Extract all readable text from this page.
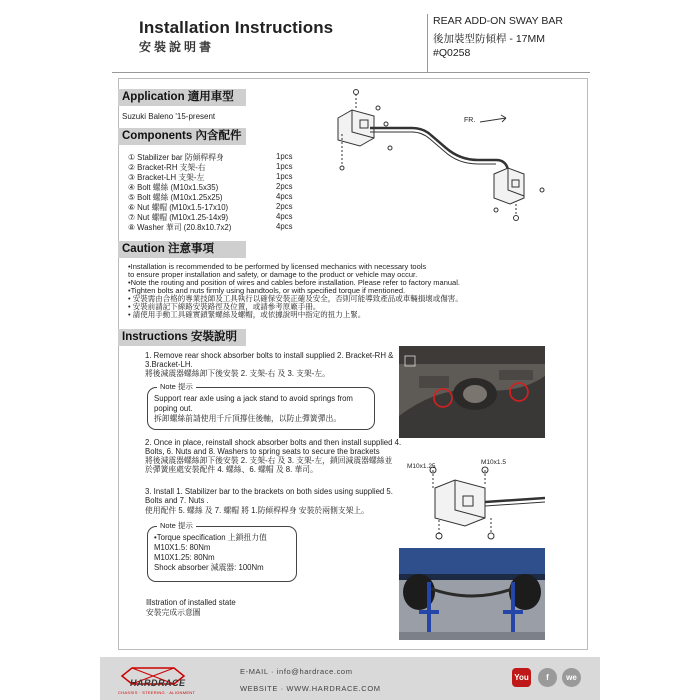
Installation Instructions
安裝說明書
REAR ADD-ON SWAY BAR
後加裝型防傾桿 - 17MM
#Q0258
Application 適用車型
Suzuki Baleno '15-present
Components 內含配件
① Stabilizer bar 防傾桿桿身	1pcs
② Bracket-RH 支架-右	1pcs
③ Bracket-LH 支架-左	1pcs
④ Bolt 螺絲 (M10x1.5x35)	2pcs
⑤ Bolt 螺絲 (M10x1.25x25)	4pcs
⑥ Nut 螺帽 (M10x1.5-17x10)	2pcs
⑦ Nut 螺帽 (M10x1.25-14x9)	4pcs
⑧ Washer 華司 (20.8x10.7x2)	4pcs
FR.
Caution 注意事項
•Installation is recommended to be performed by licensed mechanics with necessary tools
to ensure proper installation and safety, or damage to the product or vehicle may occur.
•Note the routing and position of wires and cables before installation. Please refer to factory manual.
•Tighten bolts and nuts firmly using handtools, or with specified torque if mentioned.
• 安裝需由合格的專業技師及工具執行以確保安裝正確及安全，否則可能導致產品或車輛損壞或傷害。
• 安裝前請記下線路安裝路徑及位置，或請參考原廠手冊。
• 請使用手動工具確實鎖緊螺絲及螺帽，或依據說明中指定的扭力上緊。
Instructions 安裝說明
1. Remove rear shock absorber bolts to install supplied 2. Bracket-RH &
3.Bracket-LH.
將後減震器螺絲卸下後安裝 2. 支架-右 及 3. 支架-左。
Note 提示
Support rear axle using a jack stand to avoid springs from
poping out.
拆卸螺絲前請使用千斤頂撐住後軸，以防止彈簧彈出。
2. Once in place, reinstall shock absorber bolts and then install supplied 4.
Bolts, 6. Nuts and 8. Washers to spring seats to secure the brackets
將後減震器螺絲卸下後安裝 2. 支架-右 及 3. 支架-左，鎖回減震器螺絲並
於彈簧座處安裝配件 4. 螺絲、6. 螺帽 及 8. 華司。
3. Install 1. Stabilizer bar to the brackets on both sides using supplied 5.
Bolts and 7. Nuts .
使用配件 5. 螺絲 及 7. 螺帽 將 1.防傾桿桿身 安裝於兩側支架上。
Note 提示
•Torque specification 上鎖扭力值
M10X1.5: 80Nm
M10X1.25: 80Nm
Shock absorber 減震器: 100Nm
Illstration of installed state
安裝完成示意圖
M10x1.25
M10x1.5
HARDRACE
CHASSIS · STEERING · ALIGNMENT
E-MAIL · info@hardrace.com
WEBSITE · WWW.HARDRACE.COM
You	f	we
